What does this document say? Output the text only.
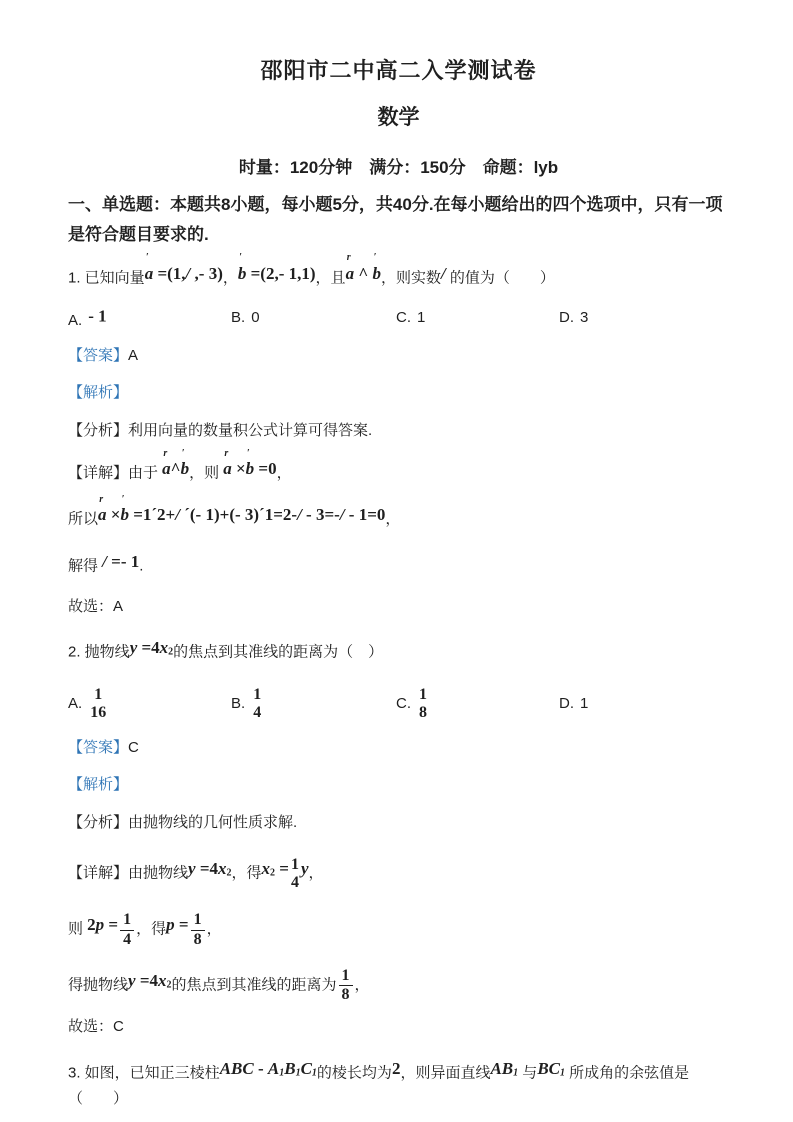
邵阳市二中高二入学测试卷
数学

时量：120分钟　满分：150分　命题：lyb

一、单选题：本题共8小题，每小题5分，共40分.在每小题给出的四个选项中，只有一项

是符合题目要求的.

1. 已知向量a
′
=(1,/ ,- 3)，b
′
=(2,- 1,1)，且a
r
^ b
′
，则实数/ 的值为（　　）

A. - 1	B. 0	C. 1	D. 3

【答案】A

【解析】

【分析】利用向量的数量积公式计算可得答案.

【详解】由于 a
r
^b
′
，则 a
r
×b
′
=0，

所以a
r
×b
′
=1´2+/ ´(- 1)+(- 3)´1=2-/ - 3=-/ - 1=0，

解得 / =- 1.

故选：A

2. 抛物线$y =4x^2$的焦点到其准线的距离为（　）

A.
1
16
B.
1
4
C.
1
8	D. 1

【答案】C

【解析】

【分析】由抛物线的几何性质求解.

【详解】由抛物线$y =4x^2$，得$x^2 = 1$
4
y，

则 $2p = \frac{1}{4}$ ，得$p = \frac{1}{8}$ ，

得抛物线$y =4x^2$的焦点到其准线的距离为 $\frac{1}{8}$ ，

故选：C

3. 如图，已知正三棱柱ABC - $A_1B_1C_1$的棱长均为2，则异面直线$AB_1$ 与$BC_1$ 所成角的余弦值是（　　）
